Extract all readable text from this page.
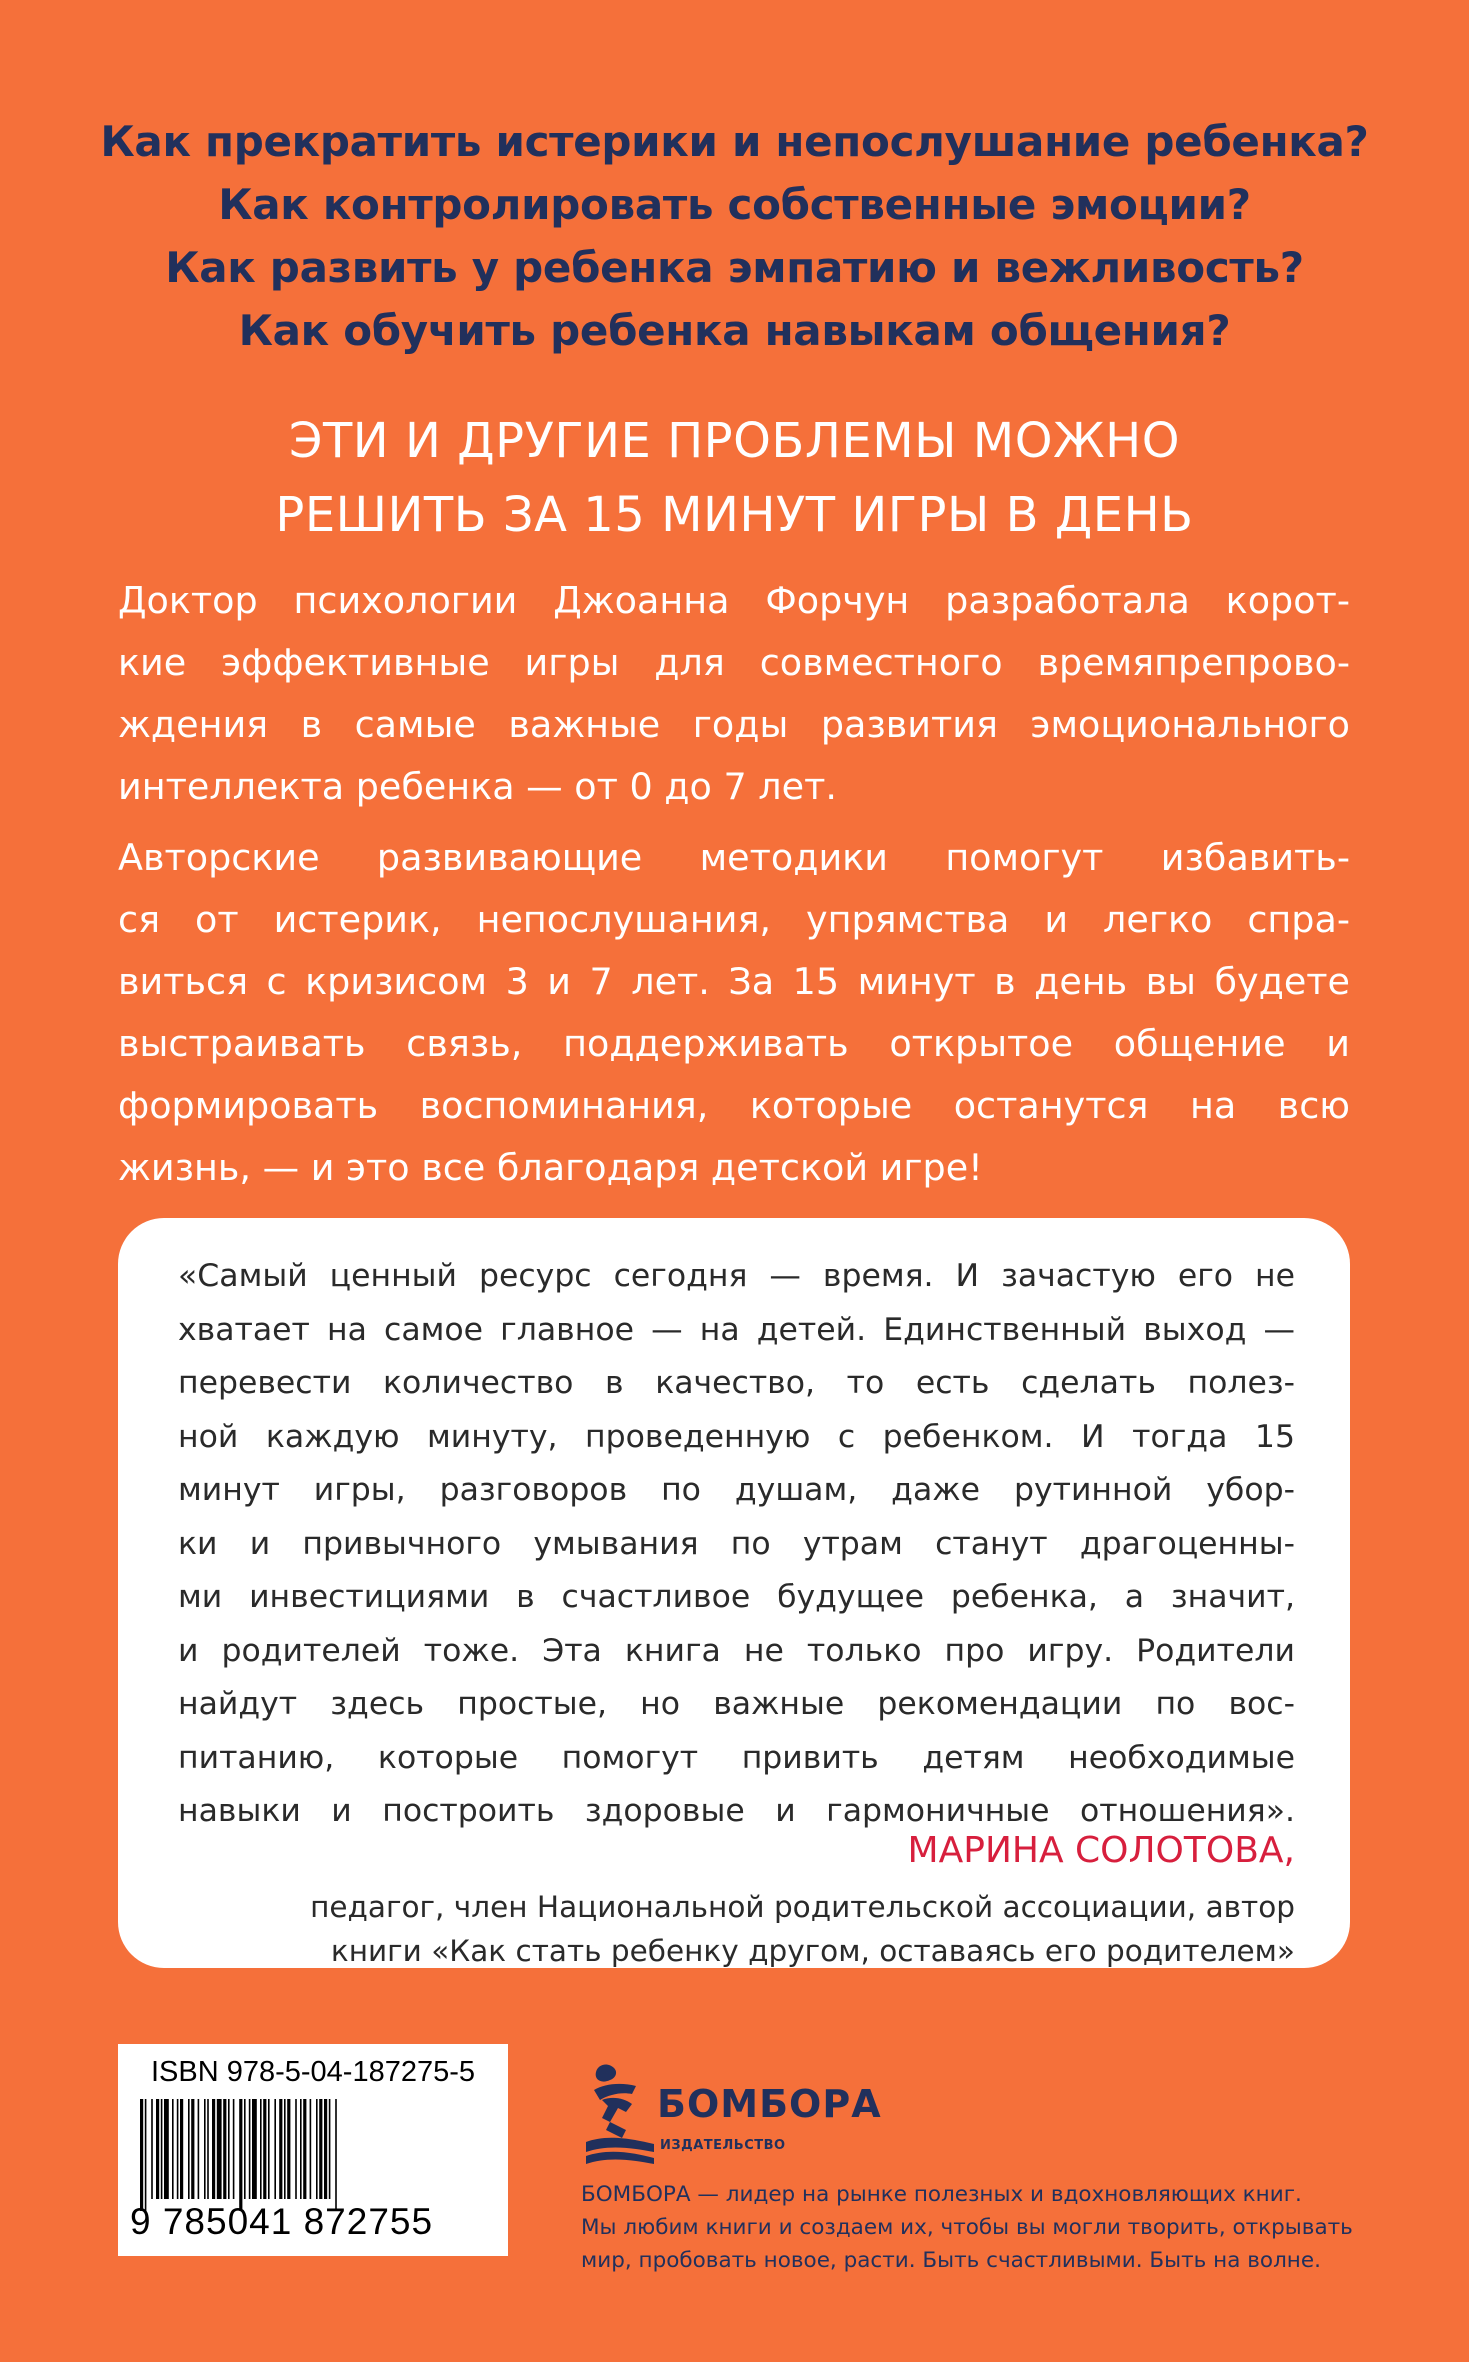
Как прекратить истерики и непослушание ребенка?
Как контролировать собственные эмоции?
Как развить у ребенка эмпатию и вежливость?
Как обучить ребенка навыкам общения?
ЭТИ И ДРУГИЕ ПРОБЛЕМЫ МОЖНО
РЕШИТЬ ЗА 15 МИНУТ ИГРЫ В ДЕНЬ
Доктор психологии Джоанна Форчун разработала корот-
кие эффективные игры для совместного времяпрепрово-
ждения в самые важные годы развития эмоционального
интеллекта ребенка — от 0 до 7 лет.
Авторские развивающие методики помогут избавить-
ся от истерик, непослушания, упрямства и легко спра-
виться с кризисом 3 и 7 лет. За 15 минут в день вы будете
выстраивать связь, поддерживать открытое общение и
формировать воспоминания, которые останутся на всю
жизнь, — и это все благодаря детской игре!
«Самый ценный ресурс сегодня — время. И зачастую его не
хватает на самое главное — на детей. Единственный выход —
перевести количество в качество, то есть сделать полез-
ной каждую минуту, проведенную с ребенком. И тогда 15
минут игры, разговоров по душам, даже рутинной убор-
ки и привычного умывания по утрам станут драгоценны-
ми инвестициями в счастливое будущее ребенка, а значит,
и родителей тоже. Эта книга не только про игру. Родители
найдут здесь простые, но важные рекомендации по вос-
питанию, которые помогут привить детям необходимые
навыки и построить здоровые и гармоничные отношения».
МАРИНА СОЛОТОВА,
педагог, член Национальной родительской ассоциации, автор
книги «Как стать ребенку другом, оставаясь его родителем»
ISBN 978-5-04-187275-5
9 785041 872755
БОМБОРА
ИЗДАТЕЛЬСТВО
БОМБОРА — лидер на рынке полезных и вдохновляющих книг.
Мы любим книги и создаем их, чтобы вы могли творить, открывать
мир, пробовать новое, расти. Быть счастливыми. Быть на волне.
